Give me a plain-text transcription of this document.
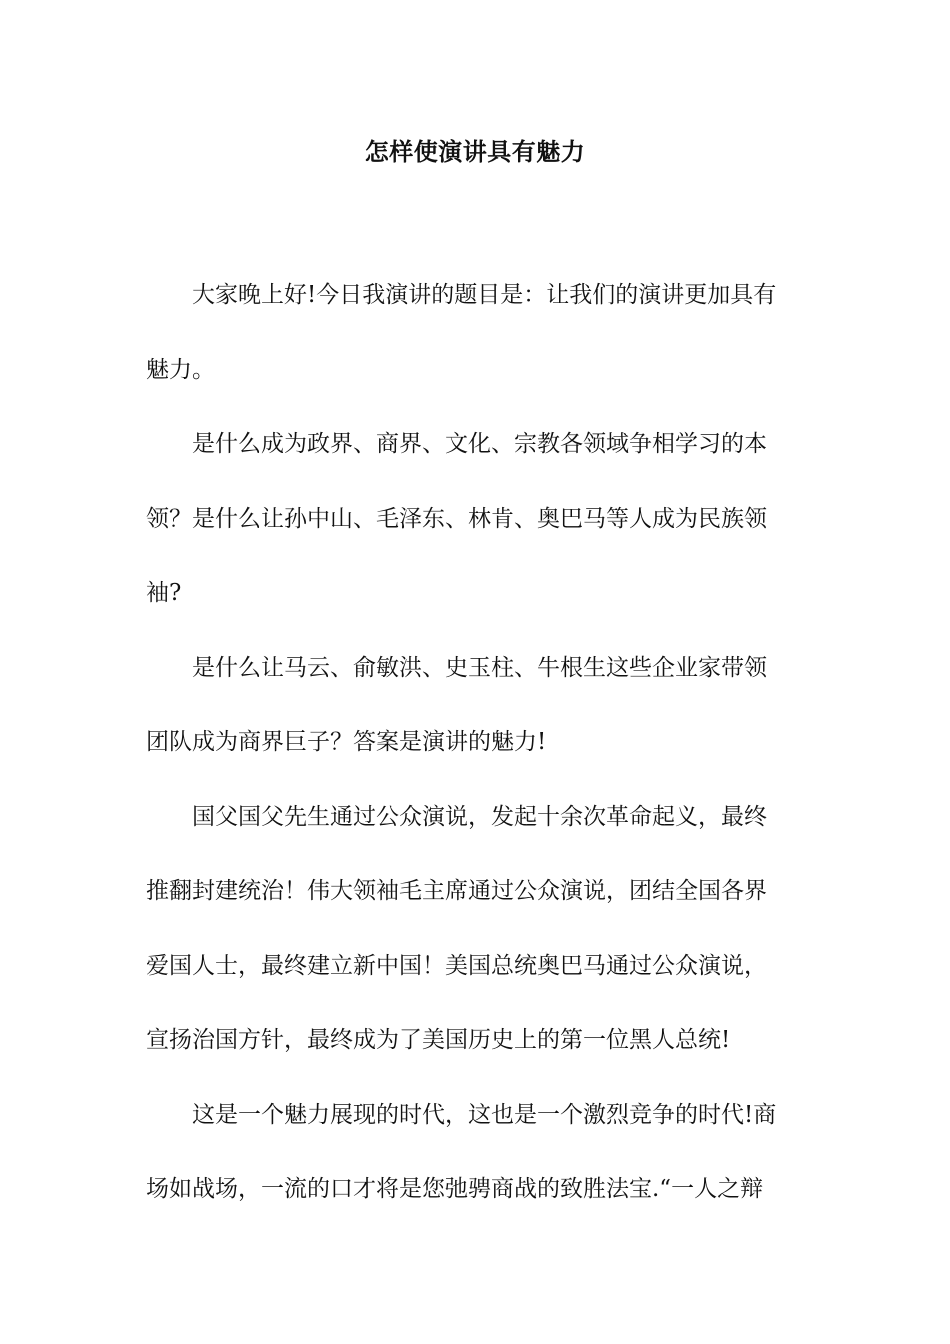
怎样使演讲具有魅力
大家晚上好!今日我演讲的题目是：让我们的演讲更加具有
魅力。
是什么成为政界、商界、文化、宗教各领域争相学习的本
领？是什么让孙中山、毛泽东、林肯、奥巴马等人成为民族领
袖?
是什么让马云、俞敏洪、史玉柱、牛根生这些企业家带领
团队成为商界巨子？答案是演讲的魅力!
国父国父先生通过公众演说，发起十余次革命起义，最终
推翻封建统治！伟大领袖毛主席通过公众演说，团结全国各界
爱国人士，最终建立新中国！美国总统奥巴马通过公众演说，
宣扬治国方针，最终成为了美国历史上的第一位黑人总统!
这是一个魅力展现的时代，这也是一个激烈竞争的时代!商
场如战场，一流的口才将是您弛骋商战的致胜法宝.“一人之辩
